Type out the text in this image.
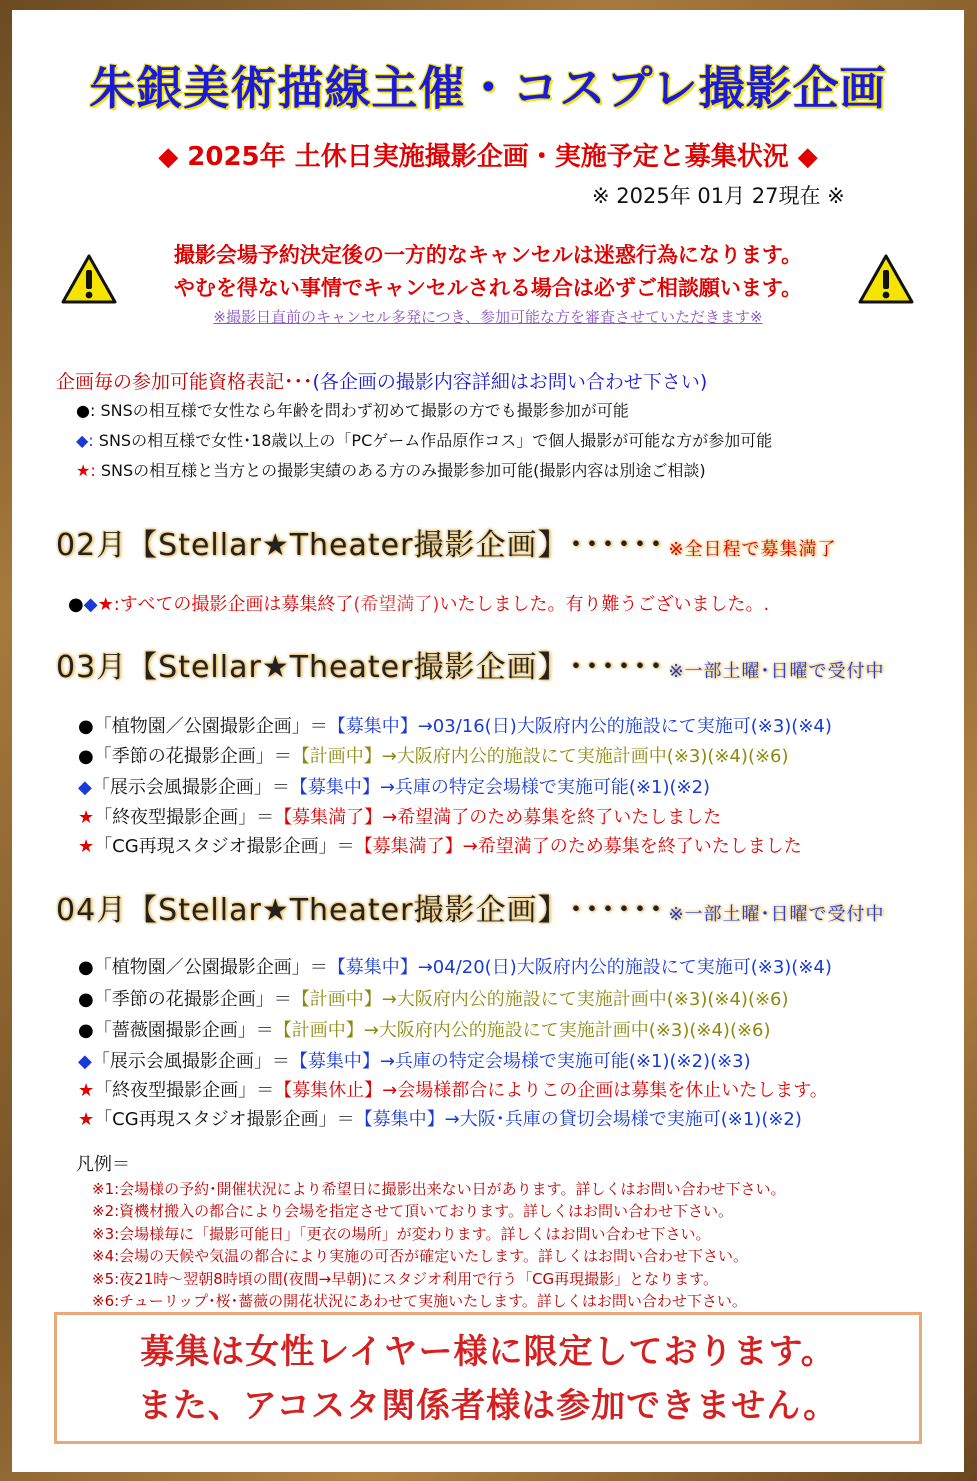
朱銀美術描線主催・コスプレ撮影企画
◆ 2025年 土休日実施撮影企画・実施予定と募集状況 ◆
※ 2025年 01月 27現在 ※
撮影会場予約決定後の一方的なキャンセルは迷惑行為になります。
やむを得ない事情でキャンセルされる場合は必ずご相談願います。
※撮影日直前のキャンセル多発につき、参加可能な方を審査させていただきます※
企画毎の参加可能資格表記･･･(各企画の撮影内容詳細はお問い合わせ下さい)
●: SNSの相互様で女性なら年齢を問わず初めて撮影の方でも撮影参加が可能
◆: SNSの相互様で女性･18歳以上の「PCゲーム作品原作コス」で個人撮影が可能な方が参加可能
★: SNSの相互様と当方との撮影実績のある方のみ撮影参加可能(撮影内容は別途ご相談)
02月【Stellar★Theater撮影企画】･･････ ※全日程で募集満了
●◆★:すべての撮影企画は募集終了(希望満了)いたしました。有り難うございました。.
03月【Stellar★Theater撮影企画】･･････ ※一部土曜･日曜で受付中
●「植物園／公園撮影企画」＝【募集中】→03/16(日)大阪府内公的施設にて実施可(※3)(※4)
●「季節の花撮影企画」＝【計画中】→大阪府内公的施設にて実施計画中(※3)(※4)(※6)
◆「展示会風撮影企画」＝【募集中】→兵庫の特定会場様で実施可能(※1)(※2)
★「終夜型撮影企画」＝【募集満了】→希望満了のため募集を終了いたしました
★「CG再現スタジオ撮影企画」＝【募集満了】→希望満了のため募集を終了いたしました
04月【Stellar★Theater撮影企画】･･････ ※一部土曜･日曜で受付中
●「植物園／公園撮影企画」＝【募集中】→04/20(日)大阪府内公的施設にて実施可(※3)(※4)
●「季節の花撮影企画」＝【計画中】→大阪府内公的施設にて実施計画中(※3)(※4)(※6)
●「薔薇園撮影企画」＝【計画中】→大阪府内公的施設にて実施計画中(※3)(※4)(※6)
◆「展示会風撮影企画」＝【募集中】→兵庫の特定会場様で実施可能(※1)(※2)(※3)
★「終夜型撮影企画」＝【募集休止】→会場様都合によりこの企画は募集を休止いたします。
★「CG再現スタジオ撮影企画」＝【募集中】→大阪･兵庫の貸切会場様で実施可(※1)(※2)
凡例＝
※1:会場様の予約･開催状況により希望日に撮影出来ない日があります。詳しくはお問い合わせ下さい。
※2:資機材搬入の都合により会場を指定させて頂いております。詳しくはお問い合わせ下さい。
※3:会場様毎に「撮影可能日」「更衣の場所」が変わります。詳しくはお問い合わせ下さい。
※4:会場の天候や気温の都合により実施の可否が確定いたします。詳しくはお問い合わせ下さい。
※5:夜21時～翌朝8時頃の間(夜間→早朝)にスタジオ利用で行う「CG再現撮影」となります。
※6:チューリップ･桜･薔薇の開花状況にあわせて実施いたします。詳しくはお問い合わせ下さい。
募集は女性レイヤー様に限定しております。
また、アコスタ関係者様は参加できません。
